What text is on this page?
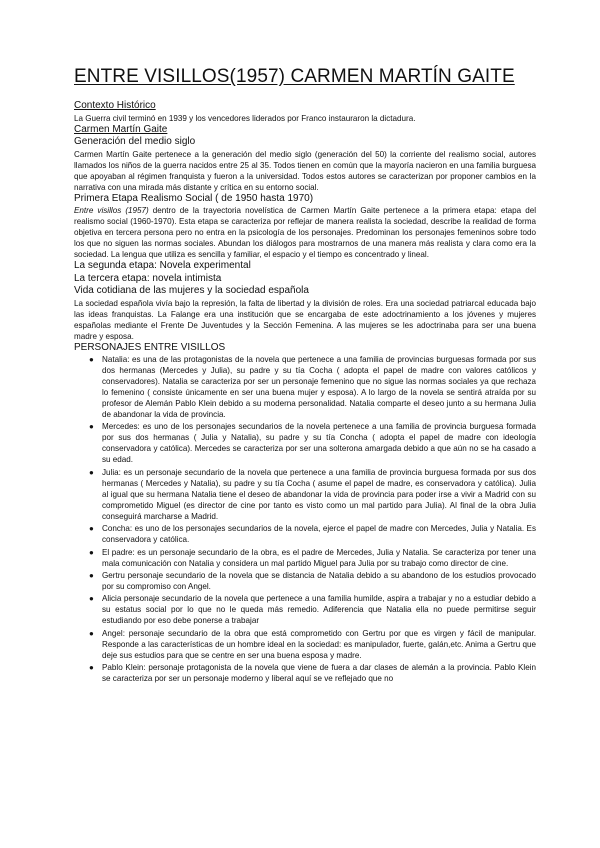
ENTRE VISILLOS(1957) CARMEN MARTÍN GAITE
Contexto Histórico

La Guerra civil terminó en 1939 y los vencedores liderados por Franco instauraron la dictadura.

Carmen Martín Gaite
Generación del medio siglo

Carmen Martín Gaite pertenece a la generación del medio siglo (generación del 50) la corriente del realismo social, autores llamados los niños de la guerra nacidos entre 25 al 35. Todos tienen en común que la mayoría nacieron en una familia burguesa que apoyaban al régimen franquista y fueron a la universidad. Todos estos autores se caracterizan por proponer cambios en la narrativa con una mirada más distante y crítica en su entorno social.

Primera Etapa Realismo Social ( de 1950 hasta 1970)

Entre visillos (1957) dentro de la trayectoria novelística de Carmen Martín Gaite pertenece a la primera etapa: etapa del realismo social (1960-1970). Esta etapa se caracteriza por reflejar de manera realista la sociedad, describe la realidad de forma objetiva en tercera persona pero no entra en la psicología de los personajes. Predominan los personajes femeninos sobre todo los que no siguen las normas sociales. Abundan los diálogos para mostrarnos de una manera más realista y clara como era la sociedad. La lengua que utiliza es sencilla y familiar, el espacio y el tiempo es concentrado y lineal.

La segunda etapa: Novela experimental
La tercera etapa: novela intimista
Vida cotidiana de las mujeres y la sociedad española

La sociedad española vivía bajo la represión, la falta de libertad y la división de roles. Era una sociedad patriarcal educada bajo las ideas franquistas. La Falange era una institución que se encargaba de este adoctrinamiento a los jóvenes y mujeres españolas mediante el Frente De Juventudes y la Sección Femenina. A las mujeres se les adoctrinaba para ser una buena madre y esposa.

PERSONAJES ENTRE VISILLOS
● Natalia: es una de las protagonistas de la novela que pertenece a una familia de provincias burguesas formada por sus dos hermanas (Mercedes y Julia), su padre y su tía Cocha ( adopta el papel de madre con valores católicos y conservadores). Natalia se caracteriza por ser un personaje femenino que no sigue las normas sociales ya que rechaza lo femenino ( consiste únicamente en ser una buena mujer y esposa). A lo largo de la novela se sentirá atraída por su profesor de Alemán Pablo Klein debido a su moderna personalidad. Natalia comparte el deseo junto a su hermana Julia de abandonar la vida de provincia.
● Mercedes: es uno de los personajes secundarios de la novela pertenece a una familia de provincia burguesa formada por sus dos hermanas ( Julia y Natalia), su padre y su tía Concha ( adopta el papel de madre con ideología conservadora y católica). Mercedes se caracteriza por ser una solterona amargada debido a que aún no se ha casado a su edad.
● Julia: es un personaje secundario de la novela que pertenece a una familia de provincia burguesa formada por sus dos hermanas ( Mercedes y Natalia), su padre y su tía Cocha ( asume el papel de madre, es conservadora y católica). Julia al igual que su hermana Natalia tiene el deseo de abandonar la vida de provincia para poder irse a vivir a Madrid con su comprometido Miguel (es director de cine por tanto es visto como un mal partido para Julia). Al final de la obra Julia conseguirá marcharse a Madrid.
● Concha: es uno de los personajes secundarios de la novela, ejerce el papel de madre con Mercedes, Julia y Natalia. Es conservadora y católica.
● El padre: es un personaje secundario de la obra, es el padre de Mercedes, Julia y Natalia. Se caracteriza por tener una mala comunicación con Natalia y considera un mal partido Miguel para Julia por su trabajo como director de cine.
● Gertru personaje secundario de la novela que se distancia de Natalia debido a su abandono de los estudios provocado por su compromiso con Angel.
● Alicia personaje secundario de la novela que pertenece a una familia humilde, aspira a trabajar y no a estudiar debido a su estatus social por lo que no le queda más remedio. Adiferencia que Natalia ella no puede permitirse seguir estudiando por eso debe ponerse a trabajar
● Angel: personaje secundario de la obra que está comprometido con Gertru por que es virgen y fácil de manipular. Responde a las características de un hombre ideal en la sociedad: es manipulador, fuerte, galán,etc. Anima a Gertru que deje sus estudios para que se centre en ser una buena esposa y madre.
● Pablo Klein: personaje protagonista de la novela que viene de fuera a dar clases de alemán a la provincia. Pablo Klein se caracteriza por ser un personaje moderno y liberal aquí se ve reflejado que no
